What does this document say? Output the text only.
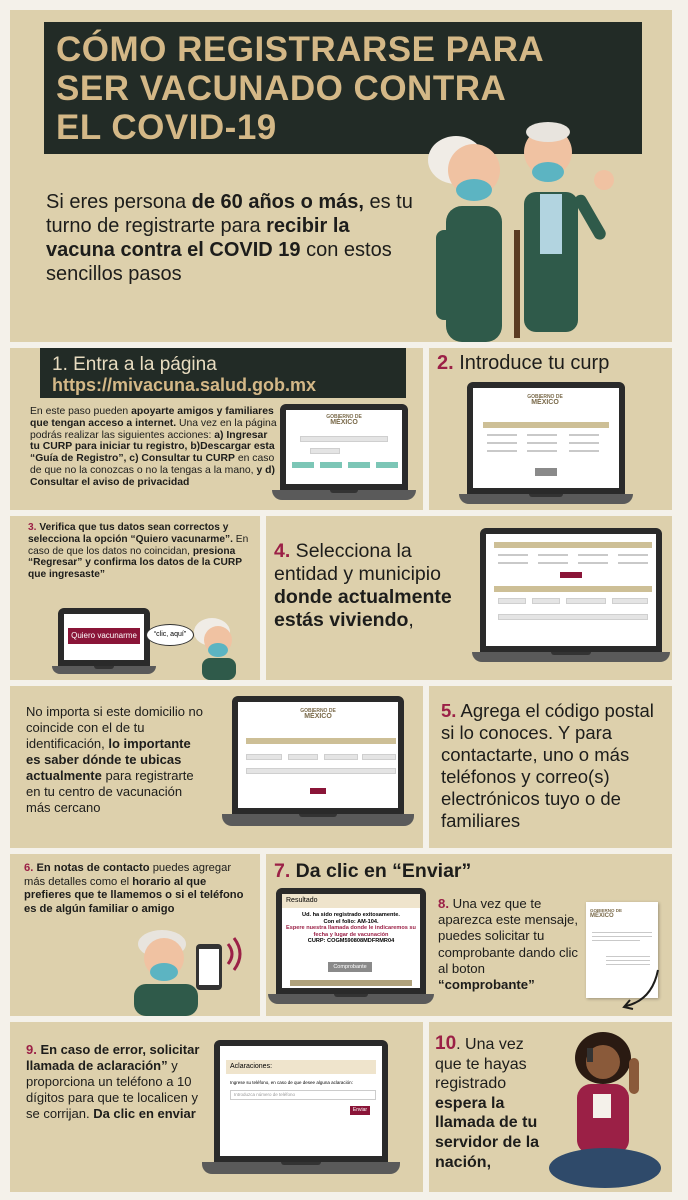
CÓMO REGISTRARSE PARA
SER VACUNADO CONTRA
EL COVID-19
Si eres persona de 60 años o más, es tu turno de registrarte para recibir la vacuna contra el COVID 19 con estos sencillos pasos
1. Entra a la página
https://mivacuna.salud.gob.mx
En este paso pueden apoyarte amigos y familiares que tengan acceso a internet. Una vez en la página podrás realizar las siguientes acciones: a) Ingresar tu CURP para iniciar tu registro, b)Descargar esta “Guía de Registro”, c) Consultar tu CURP en caso de que no la conozcas o no la tengas a la mano, y d) Consultar el aviso de privacidad
GOBIERNO DE
MÉXICO
2. Introduce tu curp
GOBIERNO DE
MÉXICO
3. Verifica que tus datos sean correctos y selecciona la opción “Quiero vacunarme”. En caso de que los datos no coincidan, presiona “Regresar” y confirma los datos de la CURP que ingresaste”
Quiero vacunarme	“clic, aquí”
4. Selecciona la entidad y municipio donde actualmente estás viviendo,
No importa si este domicilio no coincide con el de tu identificación, lo importante es saber dónde te ubicas actualmente para registrarte en tu centro de vacunación más cercano
GOBIERNO DE
MÉXICO	5. Agrega el código postal si lo conoces. Y para contactarte, uno o más teléfonos y correo(s) electrónicos tuyo o de familiares
6. En notas de contacto puedes agregar más detalles como el horario al que prefieres que te llamemos o si el teléfono es de algún familiar o amigo
7. Da clic en “Enviar”
Resultado
Ud. ha sido registrado exitosamente.
Con el folio: AM-104.
Espere nuestra llamada donde le indicaremos su fecha y lugar de vacunación
CURP: COGM590808MDFRMR04
Comprobante
8. Una vez que te aparezca este mensaje, puedes solicitar tu comprobante dando clic al boton “comprobante”
GOBIERNO DE
MÉXICO
9. En caso de error, solicitar llamada de aclaración” y proporciona un teléfono a 10 dígitos para que te localicen y se corrijan. Da clic en enviar
Aclaraciones:
Ingrese su teléfono, en caso de que desee alguna aclaración:
Introduzca número de teléfono
Enviar
10. Una vez que te hayas registrado espera la llamada de tu servidor de la nación,
